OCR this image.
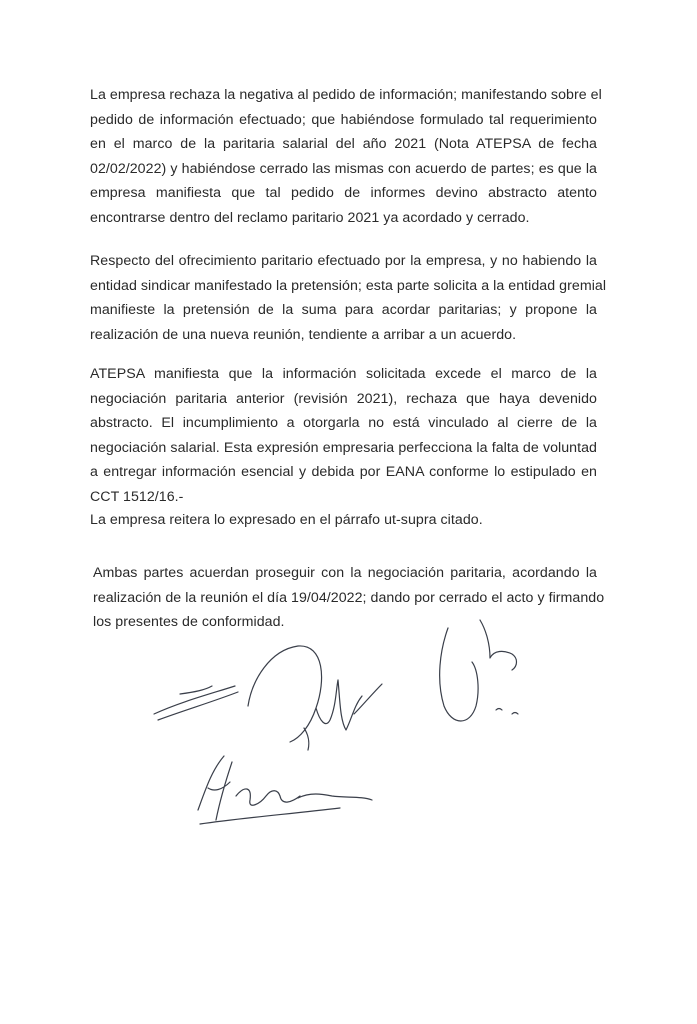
La empresa rechaza la negativa al pedido de información; manifestando sobre el
pedido de información efectuado; que habiéndose formulado tal requerimiento
en el marco de la paritaria salarial del año 2021 (Nota ATEPSA de fecha
02/02/2022) y habiéndose cerrado las mismas con acuerdo de partes; es que la
empresa manifiesta que tal pedido de informes devino abstracto atento
encontrarse dentro del reclamo paritario 2021 ya acordado y cerrado.

Respecto del ofrecimiento paritario efectuado por la empresa, y no habiendo la
entidad sindicar manifestado la pretensión; esta parte solicita a la entidad gremial
manifieste la pretensión de la suma para acordar paritarias; y propone la
realización de una nueva reunión, tendiente a arribar a un acuerdo.

ATEPSA manifiesta que la información solicitada excede el marco de la
negociación paritaria anterior (revisión 2021), rechaza que haya devenido
abstracto. El incumplimiento a otorgarla no está vinculado al cierre de la
negociación salarial. Esta expresión empresaria perfecciona la falta de voluntad
a entregar información esencial y debida por EANA conforme lo estipulado en
CCT 1512/16.-

La empresa reitera lo expresado en el párrafo ut-supra citado.

Ambas partes acuerdan proseguir con la negociación paritaria, acordando la
realización de la reunión el día 19/04/2022; dando por cerrado el acto y firmando
los presentes de conformidad.
